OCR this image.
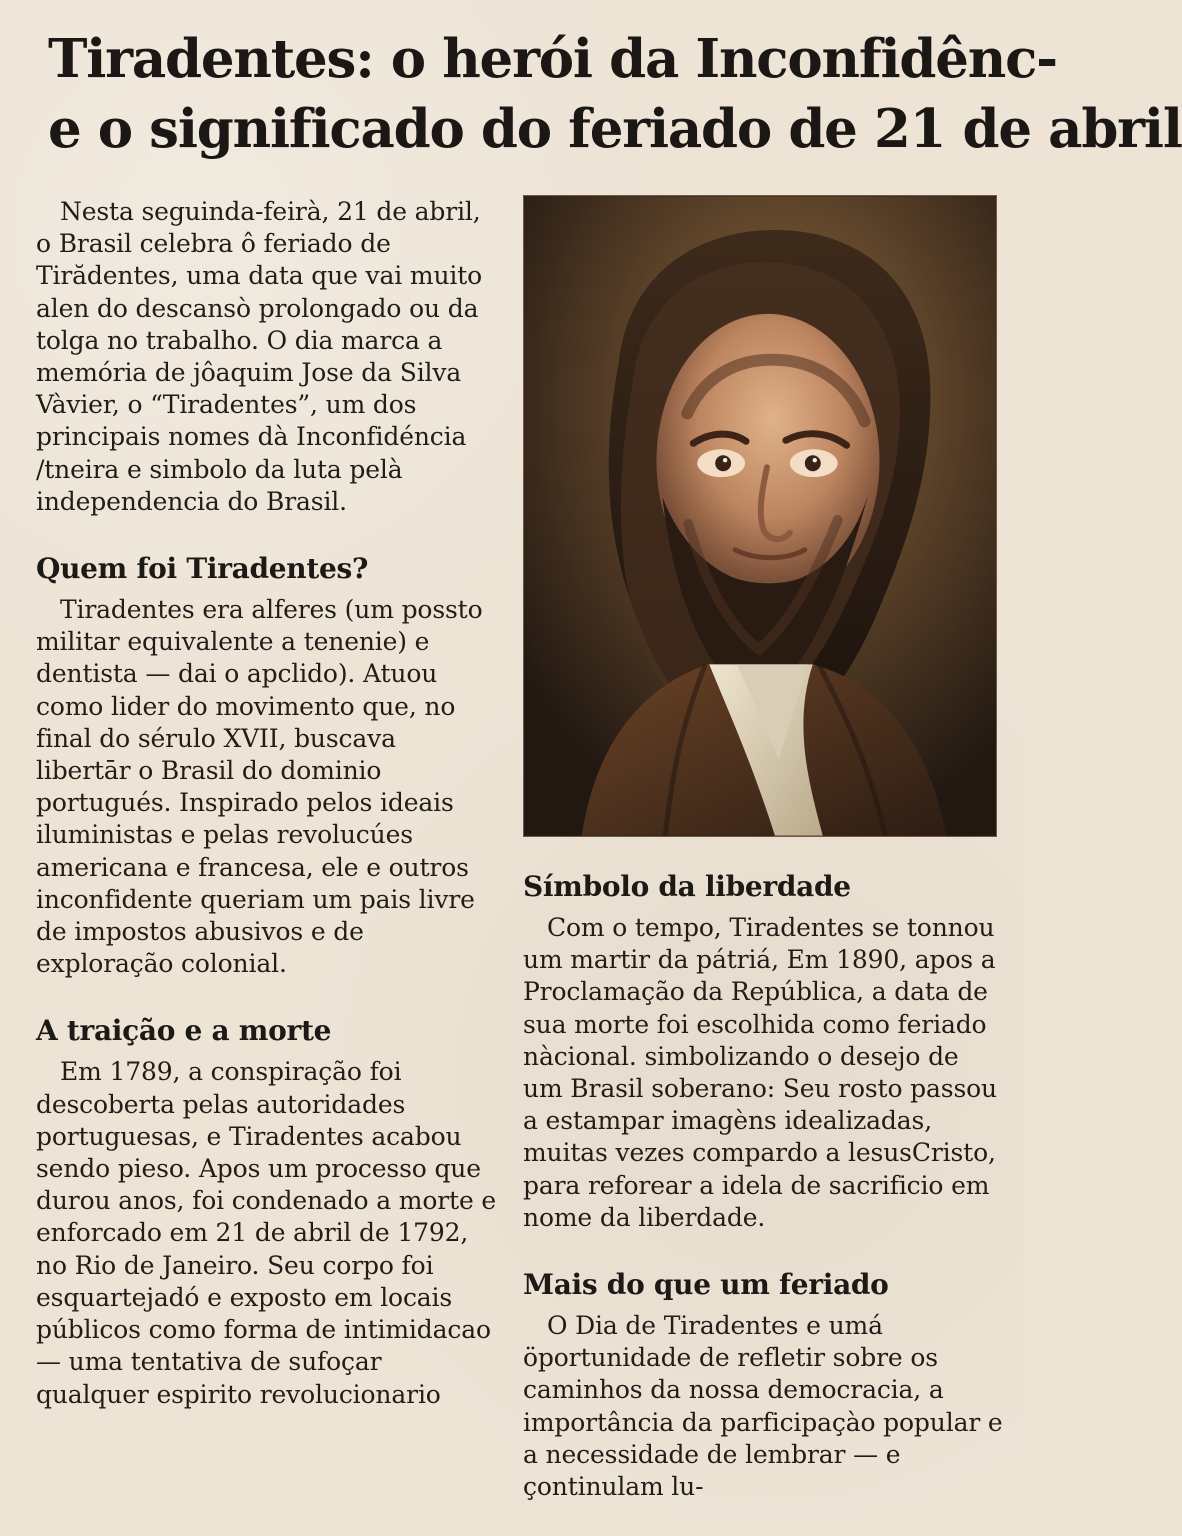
Tiradentes: o herói da Inconfidênc-
e o significado do feriado de 21 de abril

Nesta seguinda-feirà, 21 de abril, o Brasil celebra ô feriado de Tirădentes, uma data que vai muito alen do descansò prolongado ou da tolga no trabalho. O dia marca a memória de jôaquim Jose da Silva Vàvier, o “Tiradentes”, um dos principais nomes dà Inconfidéncia /tneira e simbolo da luta pelà independencia do Brasil.

Quem foi Tiradentes?

Tiradentes era alferes (um possto militar equivalente a tenenie) e dentista — dai o apclido). Atuou como lider do movimento que, no final do sérulo XVII, buscava libertār o Brasil do dominio portugués. Inspirado pelos ideais iluministas e pelas revolucúes americana e francesa, ele e outros inconfidente queriam um pais livre de impostos abusivos e de exploração colonial.

A traição e a morte

Em 1789, a conspiração foi descoberta pelas autoridades portuguesas, e Tiradentes acabou sendo pieso. Apos um processo que durou anos, foi condenado a morte e enforcado em 21 de abril de 1792, no Rio de Janeiro. Seu corpo foi esquartejadó e exposto em locais públicos como forma de intimidacao — uma tentativa de sufoçar qualquer espirito revolucionario

Símbolo da liberdade

Com o tempo, Tiradentes se tonnou um martir da pátriá, Em 1890, apos a Proclamação da República, a data de sua morte foi escolhida como feriado nàcional. simbolizando o desejo de um Brasil soberano: Seu rosto passou a estampar imagèns idealizadas, muitas vezes compardo a lesusCristo, para reforear a idela de sacrificio em nome da liberdade.

Mais do que um feriado

O Dia de Tiradentes e umá öportunidade de refletir sobre os caminhos da nossa democracia, a importância da parficipaçào popular e a necessidade de lembrar — e çontinulam lu-
